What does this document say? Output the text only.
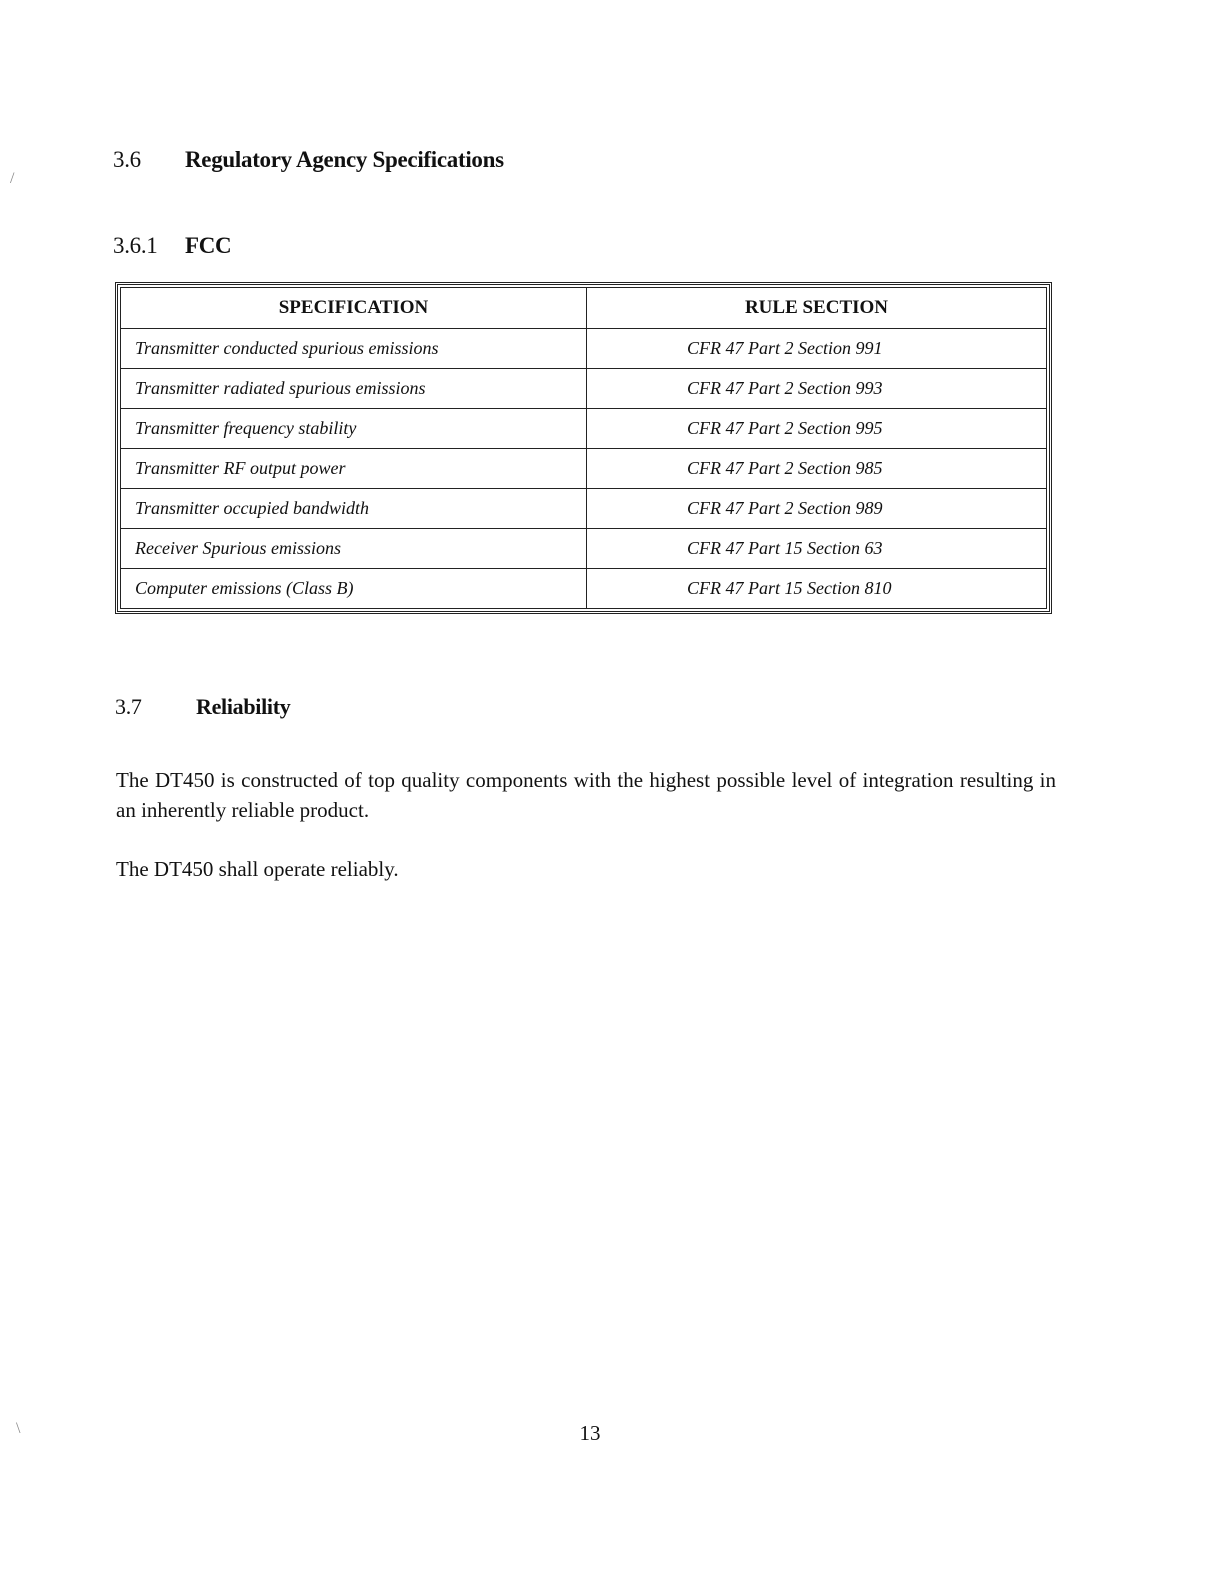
/
3.6 Regulatory Agency Specifications
3.6.1 FCC
SPECIFICATION	RULE SECTION
Transmitter conducted spurious emissions	CFR 47 Part 2 Section 991
Transmitter radiated spurious emissions	CFR 47 Part 2 Section 993
Transmitter frequency stability	CFR 47 Part 2 Section 995
Transmitter RF output power	CFR 47 Part 2 Section 985
Transmitter occupied bandwidth	CFR 47 Part 2 Section 989
Receiver Spurious emissions	CFR 47 Part 15 Section 63
Computer emissions (Class B)	CFR 47 Part 15 Section 810
3.7 Reliability

The DT450 is constructed of top quality components with the highest possible level of integration resulting in an inherently reliable product.

The DT450 shall operate reliably.

\	13
